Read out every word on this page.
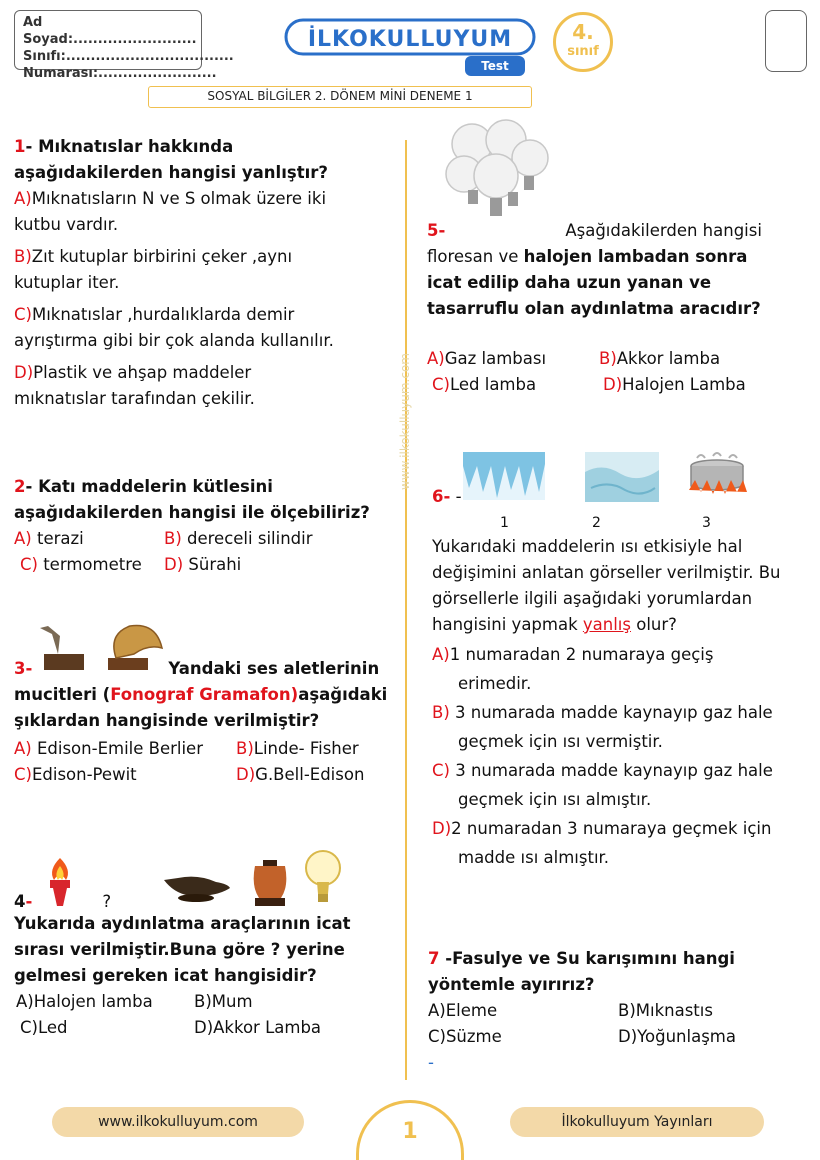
Ad Soyad:.........................
Sınıfı:..................................
Numarası:........................
İLKOKULLUYUM
Test
4.
sınıf
SOSYAL BİLGİLER 2. DÖNEM MİNİ DENEME 1
www.ilkokulluyum.com
1- Mıknatıslar hakkında
aşağıdakilerden hangisi yanlıştır?
A)Mıknatısların N ve S olmak üzere iki
kutbu vardır.
B)Zıt kutuplar birbirini çeker ,aynı
kutuplar iter.
C)Mıknatıslar ,hurdalıklarda demir
ayrıştırma gibi bir çok alanda kullanılır.
D)Plastik ve ahşap maddeler
mıknatıslar tarafından çekilir.
2- Katı maddelerin kütlesini
aşağıdakilerden hangisi ile ölçebiliriz?
A) terazi	B) dereceli silindir
C) termometre	D) Sürahi
3-	Yandaki ses aletlerinin
mucitleri (Fonograf Gramafon)aşağıdaki
şıklardan hangisinde verilmiştir?
A) Edison-Emile Berlier	B)Linde- Fisher
C)Edison-Pewit	D)G.Bell-Edison
4-	?
Yukarıda aydınlatma araçlarının icat
sırası verilmiştir.Buna göre ? yerine
gelmesi gereken icat hangisidir?
A)Halojen lamba	B)Mum
C)Led	D)Akkor Lamba
5-	Aşağıdakilerden hangisi
floresan ve halojen lambadan sonra
icat edilip daha uzun yanan ve
tasarruflu olan aydınlatma aracıdır?
A)Gaz lambası	B)Akkor lamba
C)Led lamba	D)Halojen Lamba
6- -
1	2	3
Yukarıdaki maddelerin ısı etkisiyle hal
değişimini anlatan görseller verilmiştir. Bu
görsellerle ilgili aşağıdaki yorumlardan
hangisini yapmak yanlış olur?
A)1 numaradan 2 numaraya geçiş
erimedir.
B) 3 numarada madde kaynayıp gaz hale
geçmek için ısı vermiştir.
C) 3 numarada madde kaynayıp gaz hale
geçmek için ısı almıştır.
D)2 numaradan 3 numaraya geçmek için
madde ısı almıştır.
7 -Fasulye ve Su karışımını hangi
yöntemle ayırırız?
A)Eleme	B)Mıknastıs
C)Süzme	D)Yoğunlaşma
-
www.ilkokulluyum.com	İlkokulluyum Yayınları
1
